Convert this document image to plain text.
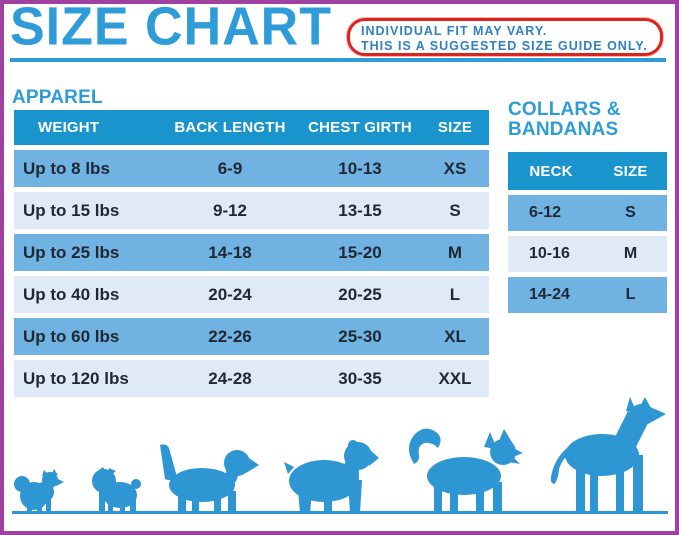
SIZE CHART INDIVIDUAL FIT MAY VARY.
THIS IS A SUGGESTED SIZE GUIDE ONLY.
APPAREL
WEIGHT	BACK LENGTH	CHEST GIRTH	SIZE
Up to 8 lbs	6-9	10-13	XS
Up to 15 lbs	9-12	13-15	S
Up to 25 lbs	14-18	15-20	M
Up to 40 lbs	20-24	20-25	L
Up to 60 lbs	22-26	25-30	XL
Up to 120 lbs	24-28	30-35	XXL
COLLARS &
BANDANAS
NECK	SIZE
6-12	S
10-16	M
14-24	L
